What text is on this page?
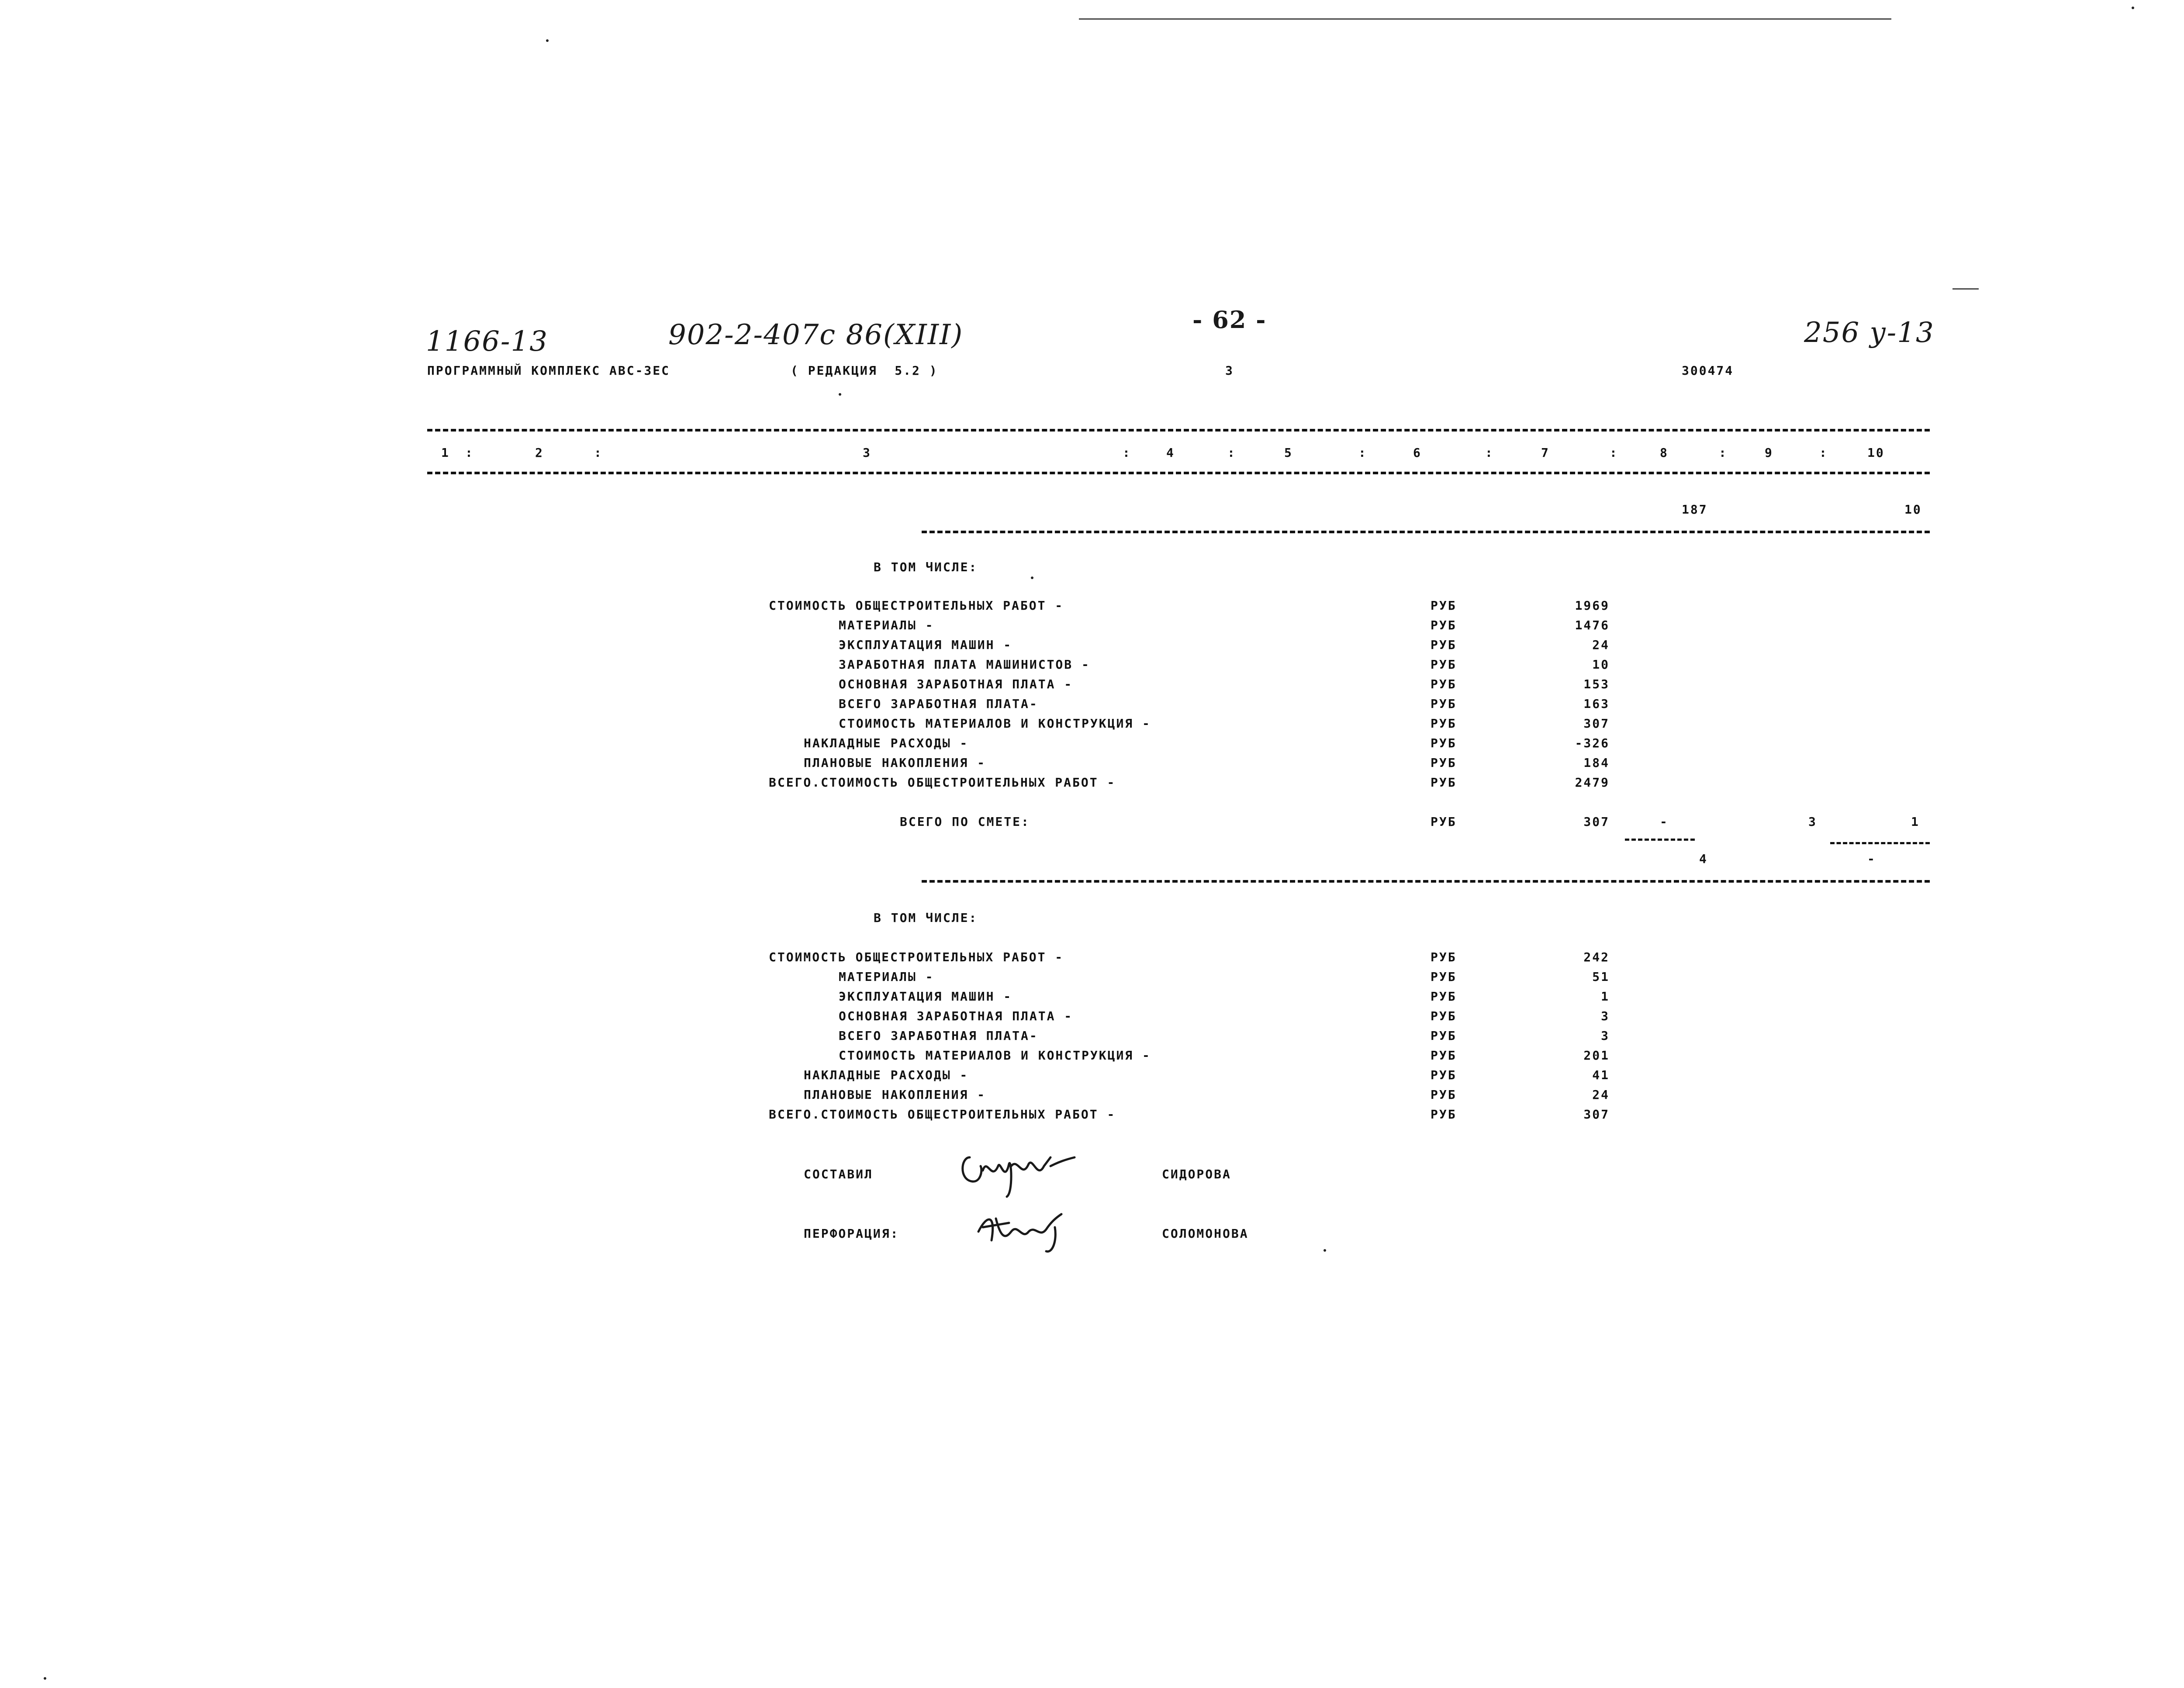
1166-13	902-2-407с 86(XIII)	- 62 -	256 у-13
ПРОГРАММНЫЙ КОМПЛЕКС АВС-3ЕС	( РЕДАКЦИЯ  5.2 )	3	300474
1 :	2	:	3	:	4	:	5	:	6	:	7	:	8	:	9	:	10
187	10
В ТОМ ЧИСЛЕ:
СТОИМОСТЬ ОБЩЕСТРОИТЕЛЬНЫХ РАБОТ -	РУБ	1969
МАТЕРИАЛЫ -	РУБ	1476
ЭКСПЛУАТАЦИЯ МАШИН -	РУБ	24
ЗАРАБОТНАЯ ПЛАТА МАШИНИСТОВ -	РУБ	10
ОСНОВНАЯ ЗАРАБОТНАЯ ПЛАТА -	РУБ	153
ВСЕГО ЗАРАБОТНАЯ ПЛАТА-	РУБ	163
СТОИМОСТЬ МАТЕРИАЛОВ И КОНСТРУКЦИЯ -	РУБ	307
НАКЛАДНЫЕ РАСХОДЫ -	РУБ	-326
ПЛАНОВЫЕ НАКОПЛЕНИЯ -	РУБ	184
ВСЕГО.СТОИМОСТЬ ОБЩЕСТРОИТЕЛЬНЫХ РАБОТ -	РУБ	2479
ВСЕГО ПО СМЕТЕ:	РУБ	307	-	3	1
4	-
В ТОМ ЧИСЛЕ:
СТОИМОСТЬ ОБЩЕСТРОИТЕЛЬНЫХ РАБОТ -	РУБ	242
МАТЕРИАЛЫ -	РУБ	51
ЭКСПЛУАТАЦИЯ МАШИН -	РУБ	1
ОСНОВНАЯ ЗАРАБОТНАЯ ПЛАТА -	РУБ	3
ВСЕГО ЗАРАБОТНАЯ ПЛАТА-	РУБ	3
СТОИМОСТЬ МАТЕРИАЛОВ И КОНСТРУКЦИЯ -	РУБ	201
НАКЛАДНЫЕ РАСХОДЫ -	РУБ	41
ПЛАНОВЫЕ НАКОПЛЕНИЯ -	РУБ	24
ВСЕГО.СТОИМОСТЬ ОБЩЕСТРОИТЕЛЬНЫХ РАБОТ -	РУБ	307
СОСТАВИЛ	СИДОРОВА
ПЕРФОРАЦИЯ:	СОЛОМОНОВА
